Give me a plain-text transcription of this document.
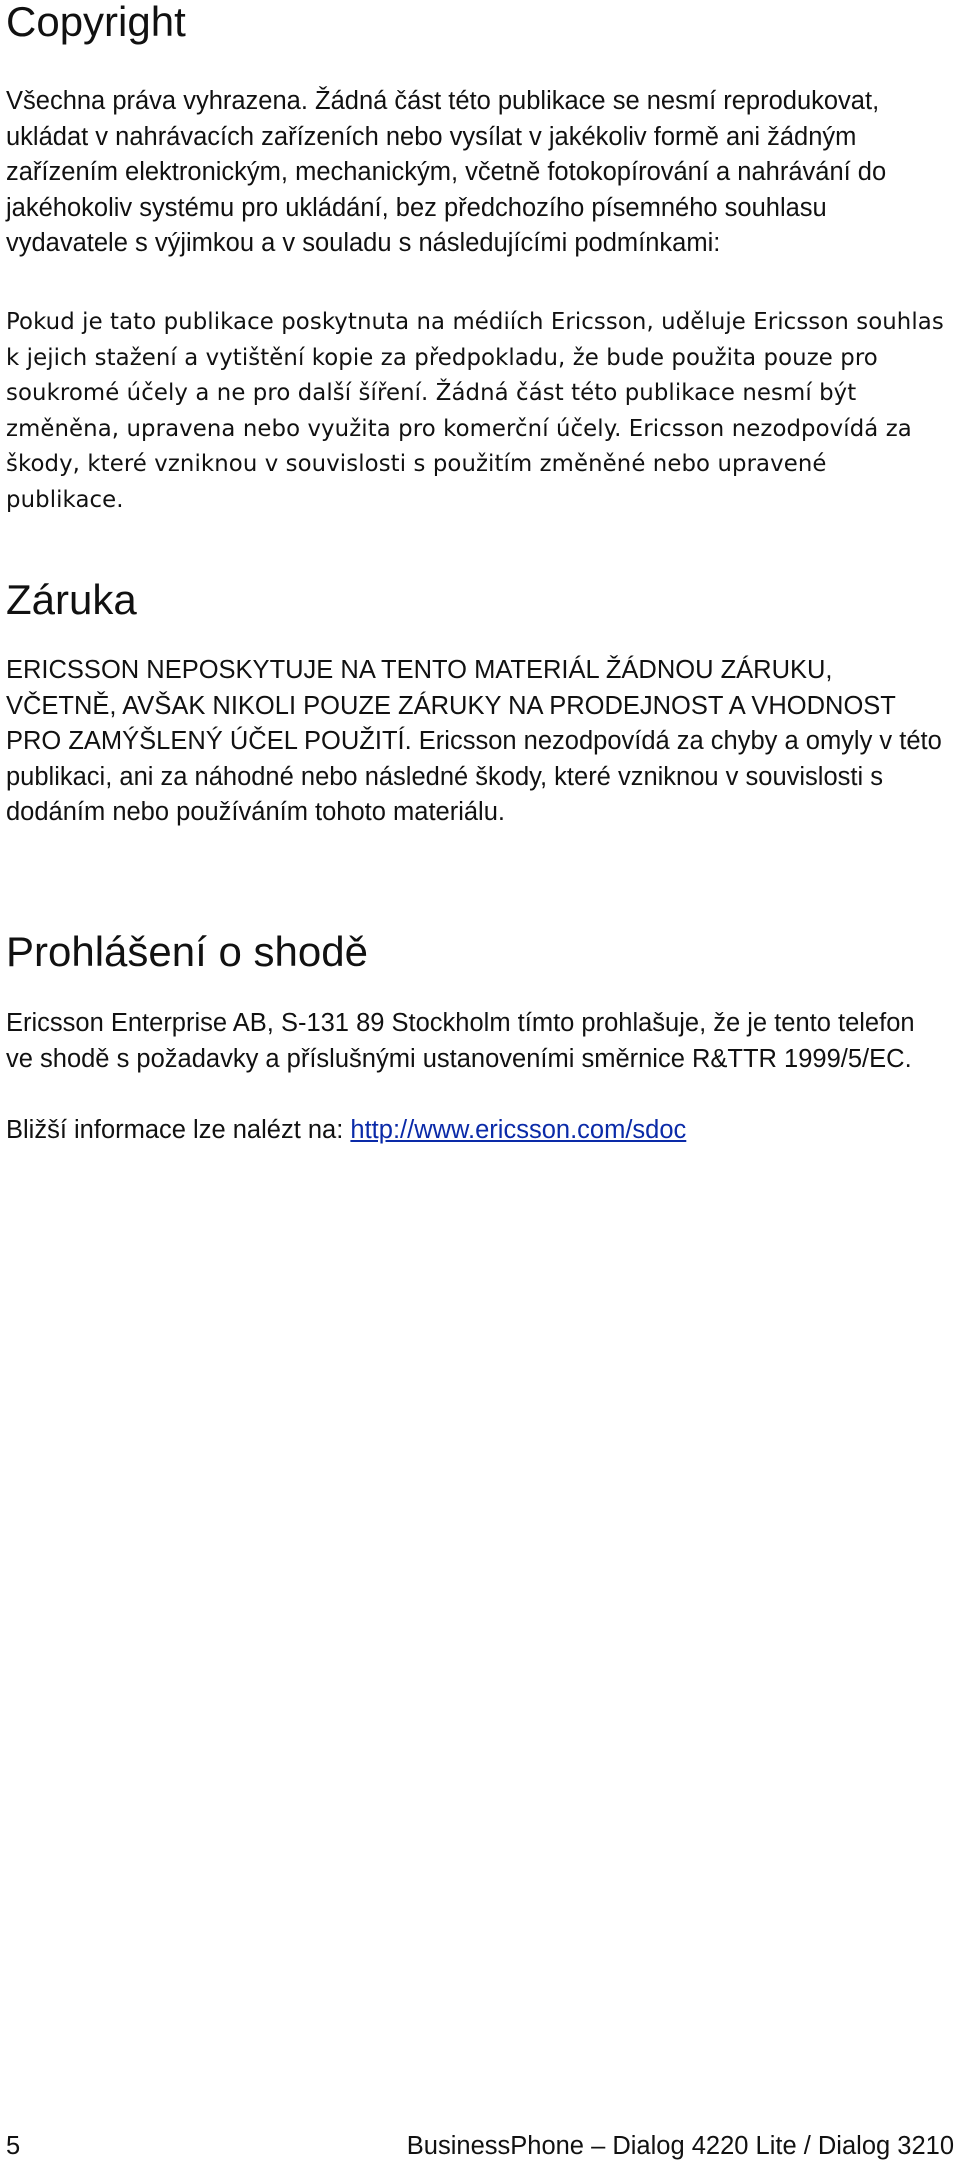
Copyright

Všechna práva vyhrazena. Žádná část této publikace se nesmí reprodukovat, ukládat v nahrávacích zařízeních nebo vysílat v jakékoliv formě ani žádným zařízením elektronickým, mechanickým, včetně fotokopírování a nahrávání do jakéhokoliv systému pro ukládání, bez předchozího písemného souhlasu vydavatele s výjimkou a v souladu s následujícími podmínkami:

Pokud je tato publikace poskytnuta na médiích Ericsson, uděluje Ericsson souhlas k jejich stažení a vytištění kopie za předpokladu, že bude použita pouze pro soukromé účely a ne pro další šíření. Žádná část této publikace nesmí být změněna, upravena nebo využita pro komerční účely. Ericsson nezodpovídá za škody, které vzniknou v souvislosti s použitím změněné nebo upravené publikace.

Záruka

ERICSSON NEPOSKYTUJE NA TENTO MATERIÁL ŽÁDNOU ZÁRUKU, VČETNĚ, AVŠAK NIKOLI POUZE ZÁRUKY NA PRODEJNOST A VHODNOST PRO ZAMÝŠLENÝ ÚČEL POUŽITÍ. Ericsson nezodpovídá za chyby a omyly v této publikaci, ani za náhodné nebo následné škody, které vzniknou v souvislosti s dodáním nebo používáním tohoto materiálu.

Prohlášení o shodě

Ericsson Enterprise AB, S-131 89 Stockholm tímto prohlašuje, že je tento telefon ve shodě s požadavky a příslušnými ustanoveními směrnice R&TTR 1999/5/EC.

Bližší informace lze nalézt na: http://www.ericsson.com/sdoc

5	BusinessPhone – Dialog 4220 Lite / Dialog 3210
